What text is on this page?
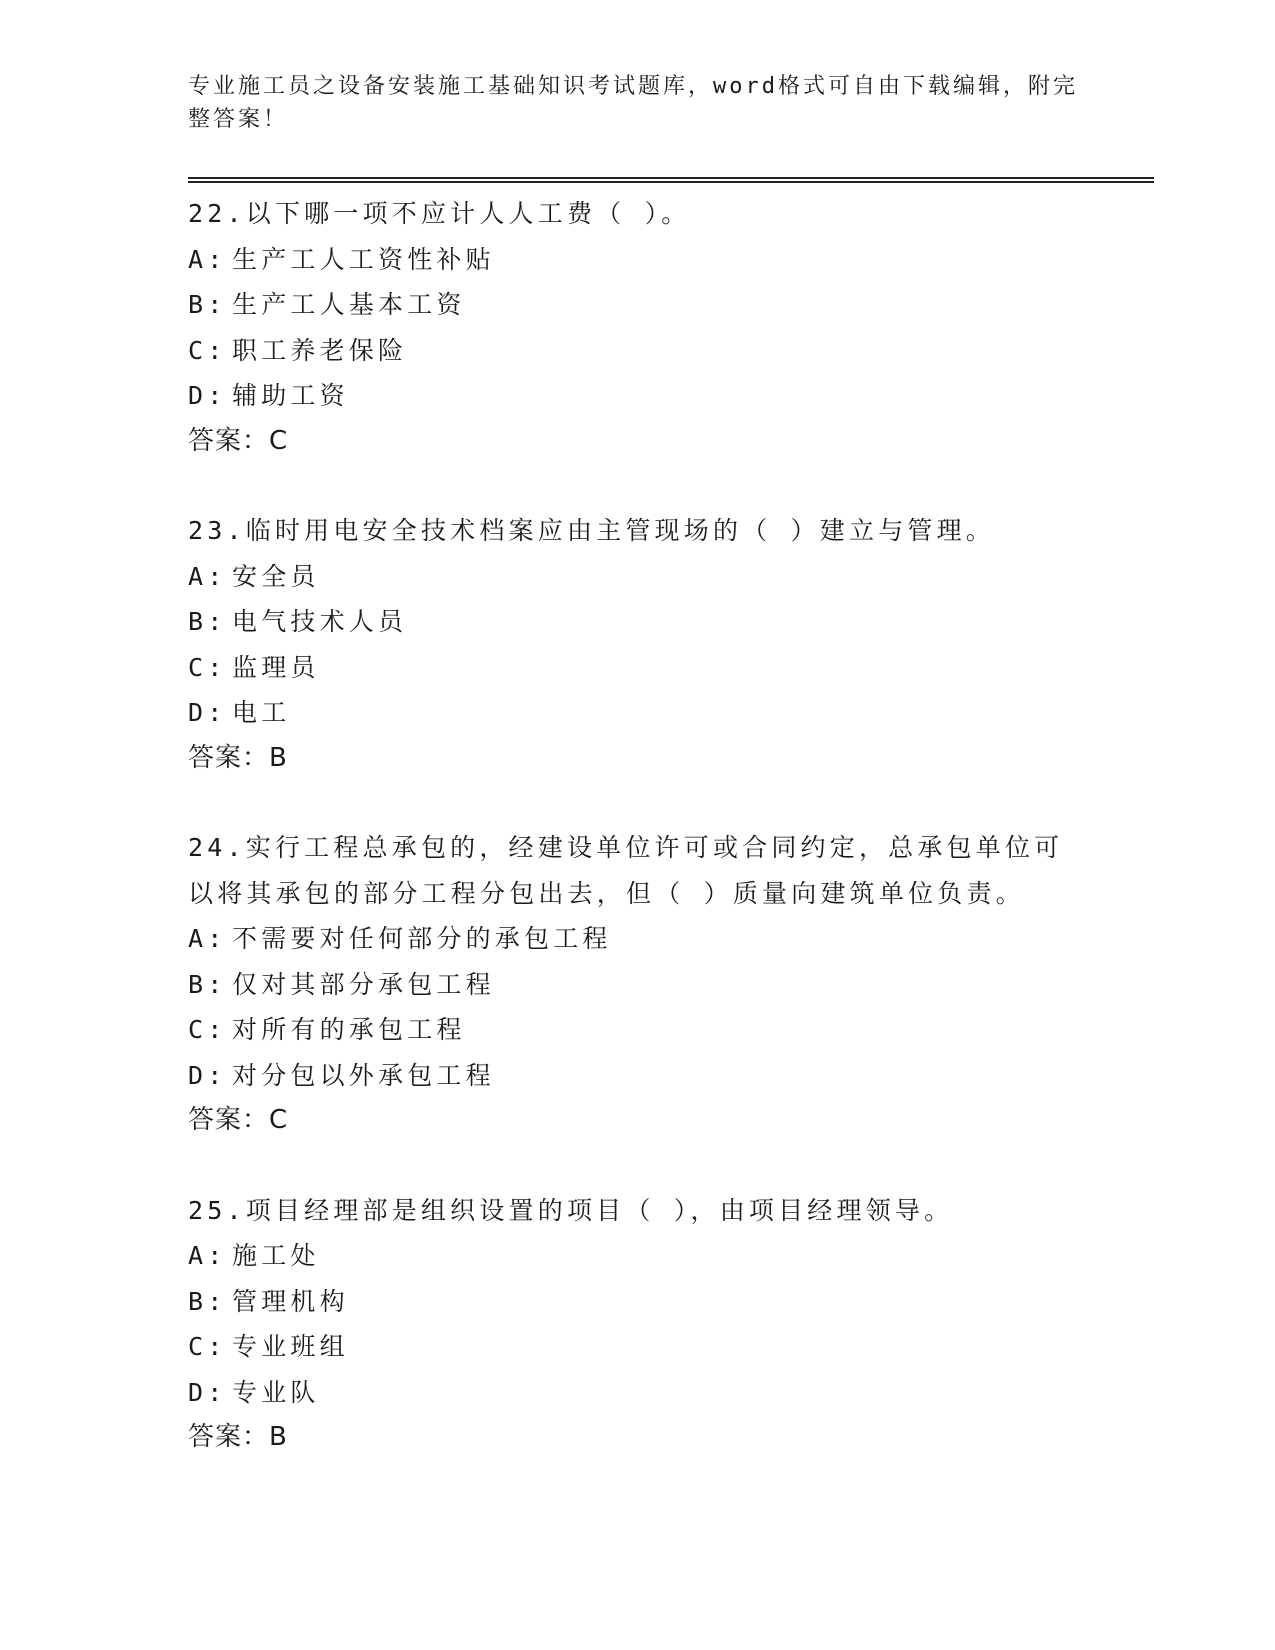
专业施工员之设备安装施工基础知识考试题库，word格式可自由下载编辑，附完整答案！
22.以下哪一项不应计人人工费（ ）。
A: 生产工人工资性补贴
B: 生产工人基本工资
C: 职工养老保险
D: 辅助工资
答案：C
23.临时用电安全技术档案应由主管现场的（ ）建立与管理。
A: 安全员
B: 电气技术人员
C: 监理员
D: 电工
答案：B
24.实行工程总承包的，经建设单位许可或合同约定，总承包单位可以将其承包的部分工程分包出去，但（ ）质量向建筑单位负责。
A: 不需要对任何部分的承包工程
B: 仅对其部分承包工程
C: 对所有的承包工程
D: 对分包以外承包工程
答案：C
25.项目经理部是组织设置的项目（ ），由项目经理领导。
A: 施工处
B: 管理机构
C: 专业班组
D: 专业队
答案：B
